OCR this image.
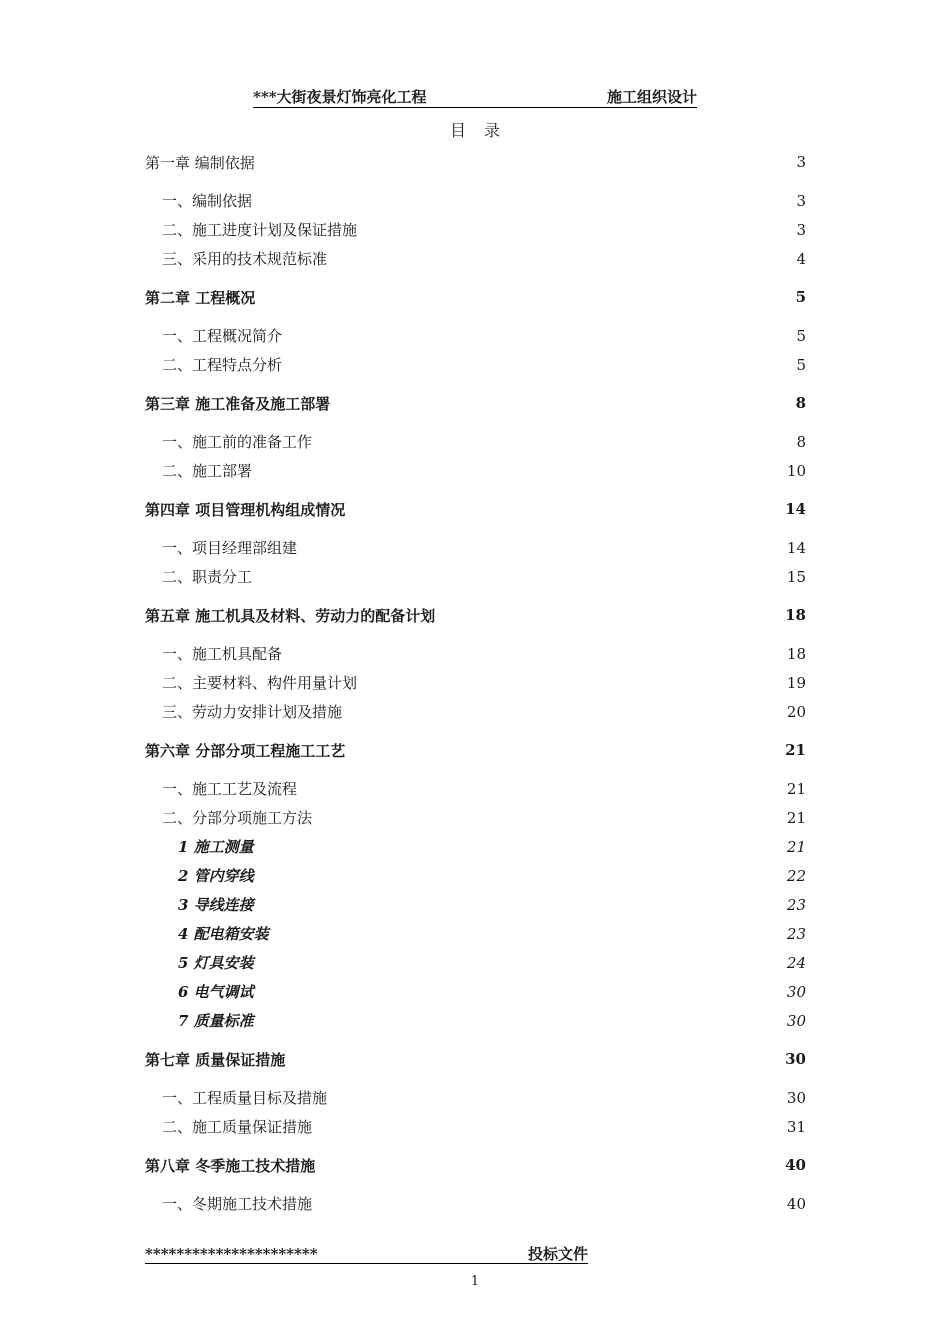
***大街夜景灯饰亮化工程	施工组织设计
目录
第一章 编制依据	3
一、编制依据	3
二、施工进度计划及保证措施	3
三、采用的技术规范标准	4
第二章 工程概况	5
一、工程概况简介	5
二、工程特点分析	5
第三章 施工准备及施工部署	8
一、施工前的准备工作	8
二、施工部署	10
第四章 项目管理机构组成情况	14
一、项目经理部组建	14
二、职责分工	15
第五章 施工机具及材料、劳动力的配备计划	18
一、施工机具配备	18
二、主要材料、构件用量计划	19
三、劳动力安排计划及措施	20
第六章 分部分项工程施工工艺	21
一、施工工艺及流程	21
二、分部分项施工方法	21
1 施工测量	21
2 管内穿线	22
3 导线连接	23
4 配电箱安装	23
5 灯具安装	24
6 电气调试	30
7 质量标准	30
第七章 质量保证措施	30
一、工程质量目标及措施	30
二、施工质量保证措施	31
第八章 冬季施工技术措施	40
一、冬期施工技术措施	40
**********************	投标文件
1
